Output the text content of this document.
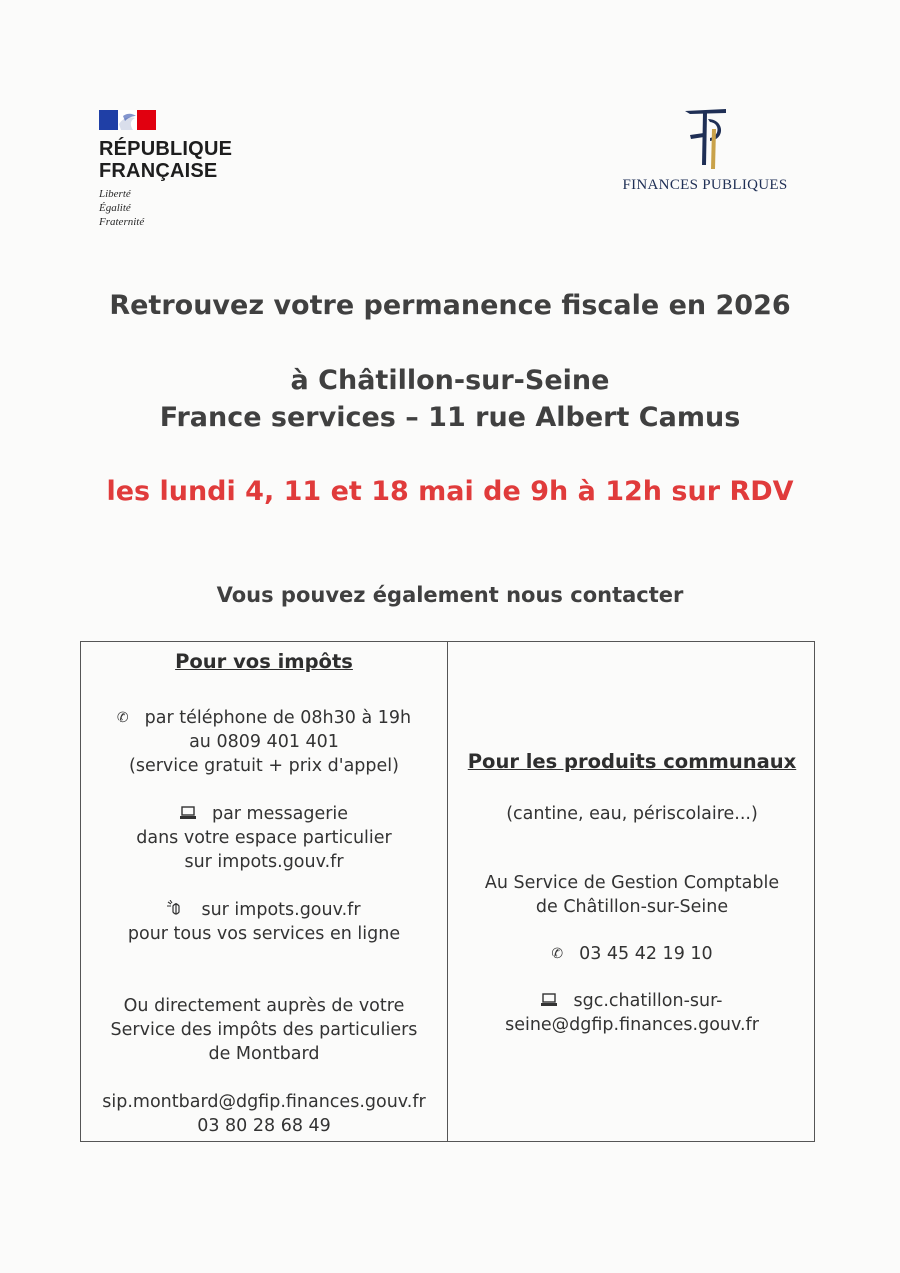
RÉPUBLIQUE
FRANÇAISE
Liberté
Égalité
Fraternité
FINANCES PUBLIQUES
Retrouvez votre permanence fiscale en 2026
à Châtillon-sur-Seine
France services – 11 rue Albert Camus
les lundi 4, 11 et 18 mai de 9h à 12h sur RDV
Vous pouvez également nous contacter
Pour vos impôts
✆ par téléphone de 08h30 à 19h
au 0809 401 401
(service gratuit + prix d'appel)
par messagerie
dans votre espace particulier
sur impots.gouv.fr
sur impots.gouv.fr
pour tous vos services en ligne
Ou directement auprès de votre
Service des impôts des particuliers
de Montbard
sip.montbard@dgfip.finances.gouv.fr
03 80 28 68 49
Pour les produits communaux
(cantine, eau, périscolaire...)
Au Service de Gestion Comptable
de Châtillon-sur-Seine
✆ 03 45 42 19 10
sgc.chatillon-sur-
seine@dgfip.finances.gouv.fr
